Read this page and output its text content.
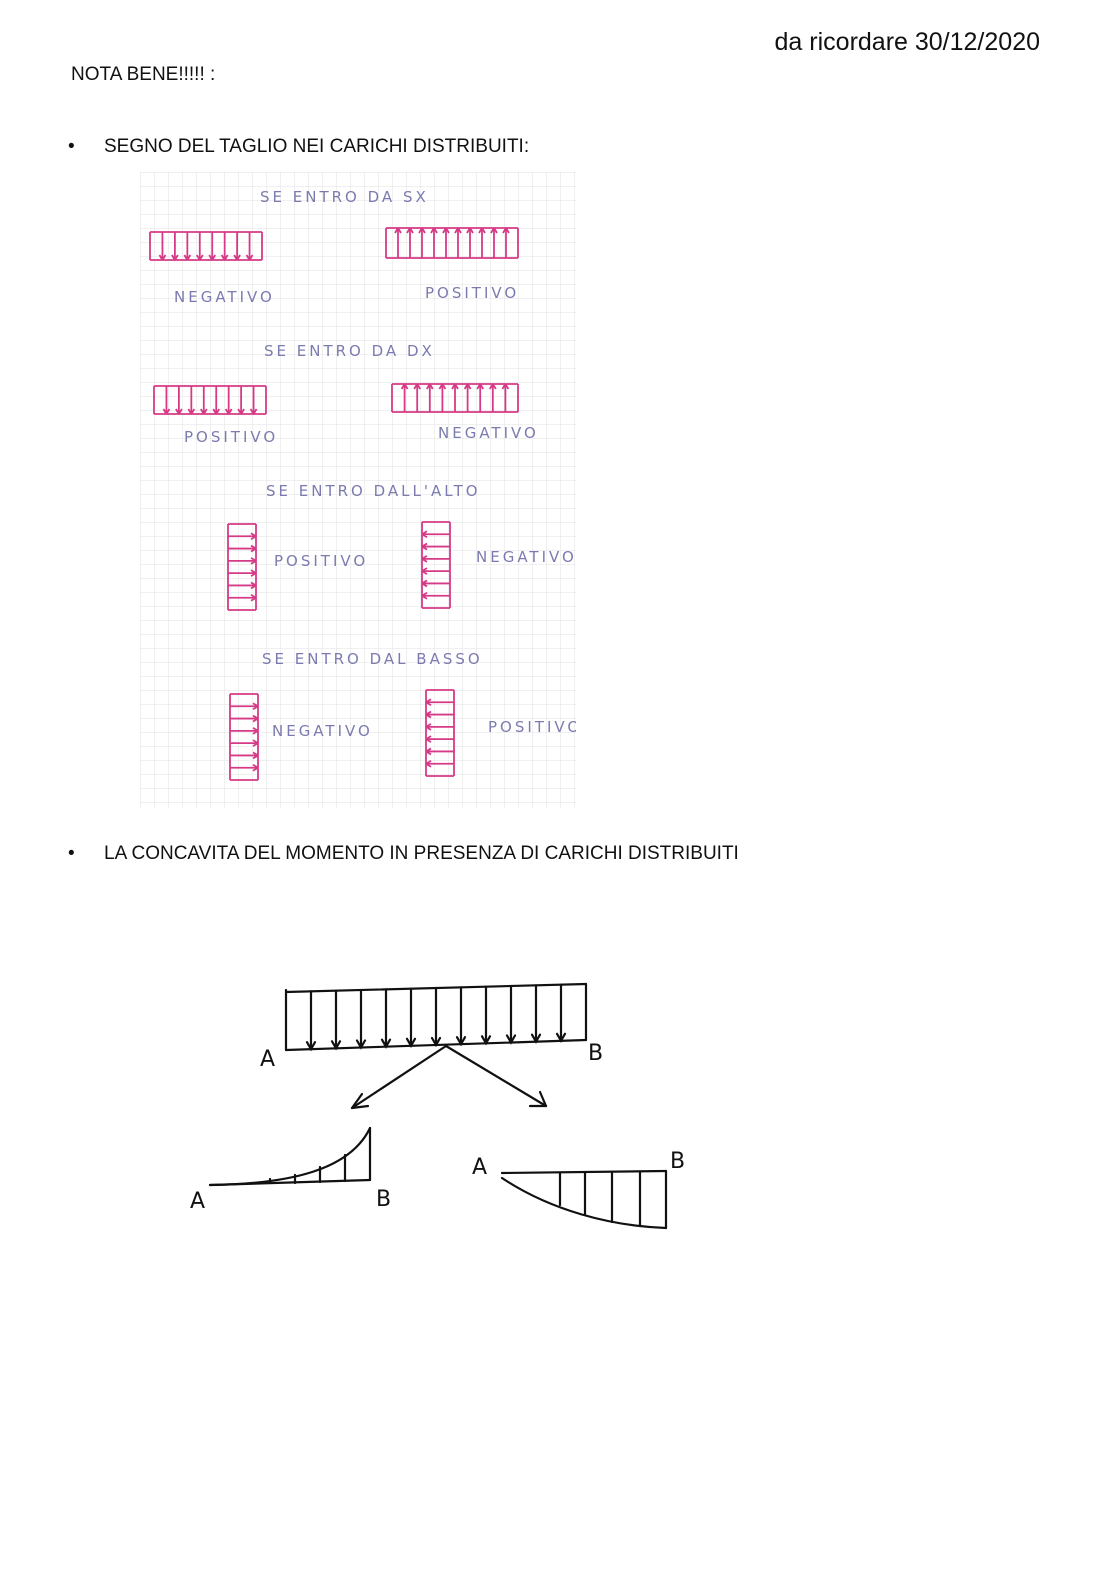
da ricordare 30/12/2020
NOTA BENE!!!!! :
•	SEGNO DEL TAGLIO NEI CARICHI DISTRIBUITI:
•	LA CONCAVITA DEL MOMENTO IN PRESENZA DI CARICHI DISTRIBUITI
SE ENTRO DA SX
NEGATIVO	POSITIVO
SE ENTRO DA DX
POSITIVO	NEGATIVO
SE ENTRO DALL'ALTO
POSITIVO	NEGATIVO
SE ENTRO DAL BASSO
NEGATIVO	POSITIVO
A	B
A	B
A	B
